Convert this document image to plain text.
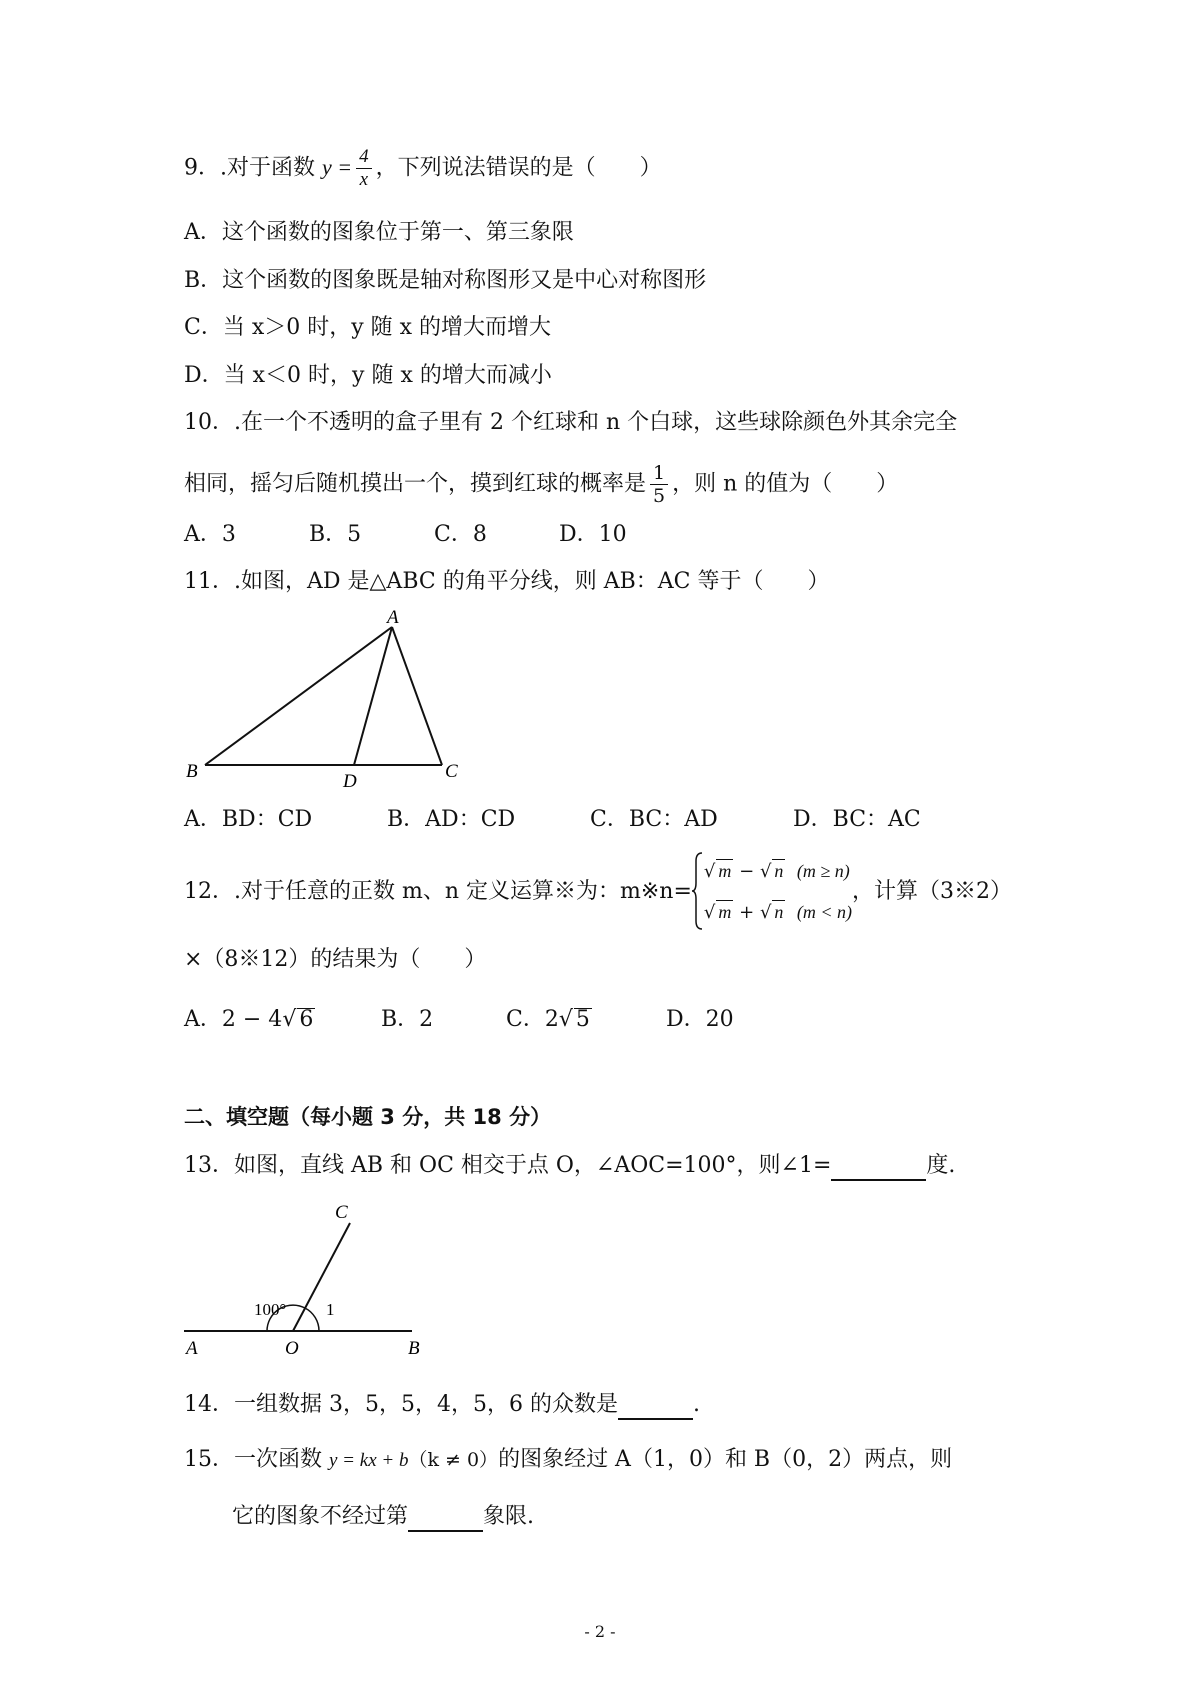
9．.对于函数 $y = \frac{4}{x}$ ，下列说法错误的是（　　）
A．这个函数的图象位于第一、第三象限
B．这个函数的图象既是轴对称图形又是中心对称图形
C．当 x＞0 时，y 随 x 的增大而增大
D．当 x＜0 时，y 随 x 的增大而减小
10．.在一个不透明的盒子里有 2 个红球和 n 个白球，这些球除颜色外其余完全
相同，摇匀后随机摸出一个，摸到红球的概率是 $\frac{1}{5}$ ，则 n 的值为（　　）
A．3	B．5	C．8	D．10
11．.如图，AD 是△ABC 的角平分线，则 AB：AC 等于（　　）
A
B	C
D
A．BD：CD	B．AD：CD	C．BC：AD	D．BC：AC
12．.对于任意的正数 m、n 定义运算※为：m※n=
√ m − √ n (m ≥ n)
√ m + √ n (m < n)
，计算（3※2）
×（8※12）的结果为（　　）
A．2 − 4√ 6	B．2	C．2√ 5	D．20
二、填空题（每小题 3 分，共 18 分）
13．如图，直线 AB 和 OC 相交于点 O，∠AOC=100°，则∠1=	度.
C
100° 1
A	O	B
14．一组数据 3，5，5，4，5，6 的众数是	.
15．一次函数 y = kx + b（k ≠ 0）的图象经过 A（1，0）和 B（0，2）两点，则
它的图象不经过第	象限.
- 2 -
